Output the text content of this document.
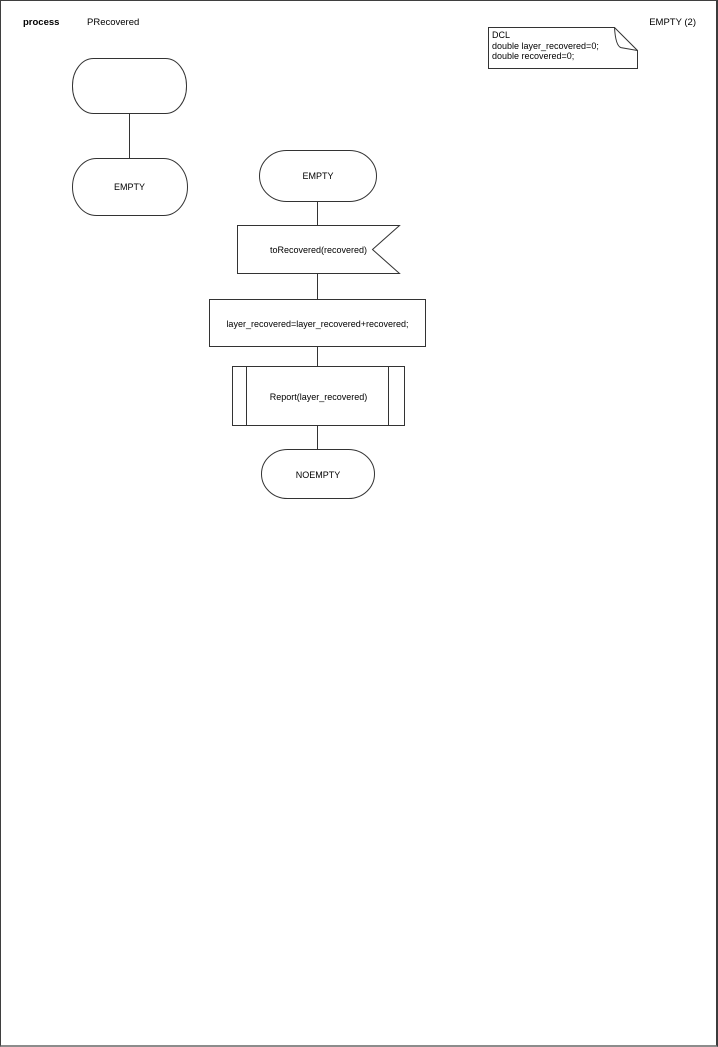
process	PRecovered	EMPTY (2)
DCL
double layer_recovered=0;
double recovered=0;
EMPTY
EMPTY
toRecovered(recovered)
layer_recovered=layer_recovered+recovered;
Report(layer_recovered)
NOEMPTY
